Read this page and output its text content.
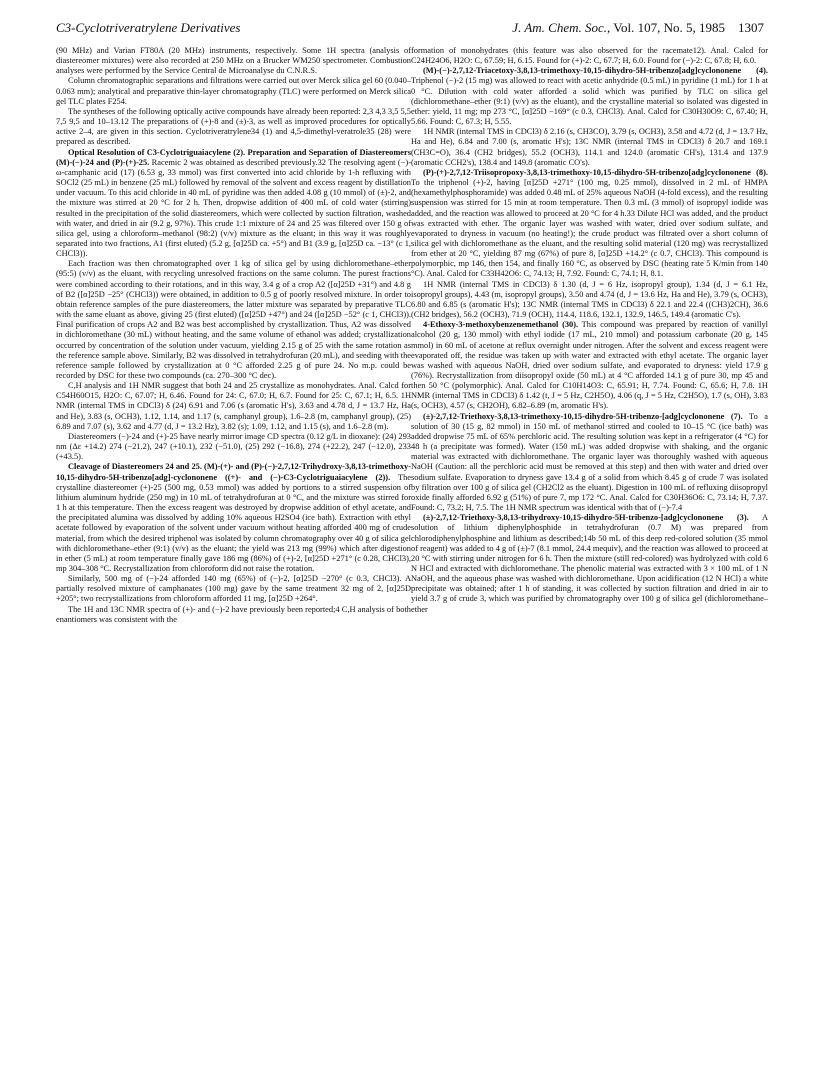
C3-Cyclotriveratrylene Derivatives	J. Am. Chem. Soc., Vol. 107, No. 5, 1985 1307

(90 MHz) and Varian FT80A (20 MHz) instruments, respectively. Some 1H spectra (analysis of diastereomer mixtures) were also recorded at 250 MHz on a Brucker WM250 spectrometer. Combustion analyses were performed by the Service Central de Microanalyse du C.N.R.S.

Column chromatographic separations and filtrations were carried out over Merck silica gel 60 (0.040–0.063 mm); analytical and preparative thin-layer chromatography (TLC) were performed on Merck silica gel TLC plates F254.

The syntheses of the following optically active compounds have already been reported: 2,3 4,3 3,5 5,5 7,5 9,5 and 10–13.12 The preparations of (+)-8 and (±)-3, as well as improved procedures for optically active 2–4, are given in this section. Cyclotriveratrylene34 (1) and 4,5-dimethyl-veratrole35 (28) were prepared as described.

Optical Resolution of C3-Cyclotriguaiacylene (2). Preparation and Separation of Diastereomers (M)-(−)-24 and (P)-(+)-25. Racemic 2 was obtained as described previously.32 The resolving agent (−)-ω-camphanic acid (17) (6.53 g, 33 mmol) was first converted into acid chloride by 1-h refluxing with SOCl2 (25 mL) in benzene (25 mL) followed by removal of the solvent and excess reagent by distillation under vacuum. To this acid chloride in 40 mL of pyridine was then added 4.08 g (10 mmol) of (±)-2, and the mixture was stirred at 20 °C for 2 h. Then, dropwise addition of 400 mL of cold water (stirring) resulted in the precipitation of the solid diastereomers, which were collected by suction filtration, washed with water, and dried in air (9.2 g, 97%). This crude 1:1 mixture of 24 and 25 was filtered over 150 g of silica gel, using a chloroform–methanol (98:2) (v/v) mixture as the eluant; in this way it was roughly separated into two fractions, A1 (first eluted) (5.2 g, [α]25D ca. +5°) and B1 (3.9 g, [α]25D ca. −13° (c 1, CHCl3)).

Each fraction was then chromatographed over 1 kg of silica gel by using dichloromethane–ether (95:5) (v/v) as the eluant, with recycling unresolved fractions on the same column. The purest fractions were combined according to their rotations, and in this way, 3.4 g of a crop A2 ([α]25D +31°) and 4.8 g of B2 ([α]25D −25° (CHCl3)) were obtained, in addition to 0.5 g of poorly resolved mixture. In order to obtain reference samples of the pure diastereomers, the latter mixture was separated by preparative TLC with the same eluant as above, giving 25 (first eluted) ([α]25D +47°) and 24 ([α]25D −52° (c 1, CHCl3)). Final purification of crops A2 and B2 was best accomplished by crystallization. Thus, A2 was dissolved in dichloromethane (30 mL) without heating, and the same volume of ethanol was added; crystallization occurred by concentration of the solution under vacuum, yielding 2.15 g of 25 with the same rotation as the reference sample above. Similarly, B2 was dissolved in tetrahydrofuran (20 mL), and seeding with the reference sample followed by crystallization at 0 °C afforded 2.25 g of pure 24. No m.p. could be recorded by DSC for these two compounds (ca. 270–300 °C dec).

C,H analysis and 1H NMR suggest that both 24 and 25 crystallize as monohydrates. Anal. Calcd for C54H60O15, H2O: C, 67.07; H, 6.46. Found for 24: C, 67.0; H, 6.7. Found for 25: C, 67.1; H, 6.5. 1H NMR (internal TMS in CDCl3) δ (24) 6.91 and 7.06 (s (aromatic H's), 3.63 and 4.78 d, J = 13.7 Hz, Ha and He), 3.83 (s, OCH3), 1.12, 1.14, and 1.17 (s, camphanyl group), 1.6–2.8 (m, camphanyl group), (25) 6.89 and 7.07 (s), 3.62 and 4.77 (d, J = 13.2 Hz), 3.82 (s); 1.09, 1.12, and 1.15 (s), and 1.6–2.8 (m).

Diastereomers (−)-24 and (+)-25 have nearly mirror image CD spectra (0.12 g/L in dioxane): (24) 293 nm (Δε +14.2) 274 (−21.2), 247 (+10.1), 232 (−51.0), (25) 292 (−16.8), 274 (+22.2), 247 (−12.0), 233 (+43.5).

Cleavage of Diastereomers 24 and 25. (M)-(+)- and (P)-(−)-2,7,12-Trihydroxy-3,8,13-trimethoxy-10,15-dihydro-5H-tribenzo[adg]-cyclononene ((+)- and (−)-C3-Cyclotriguaiacylene (2)). The crystalline diastereomer (+)-25 (500 mg, 0.53 mmol) was added by portions to a stirred suspension of lithium aluminum hydride (250 mg) in 10 mL of tetrahydrofuran at 0 °C, and the mixture was stirred for 1 h at this temperature. Then the excess reagent was destroyed by dropwise addition of ethyl acetate, and the precipitated alumina was dissolved by adding 10% aqueous H2SO4 (ice bath). Extraction with ethyl acetate followed by evaporation of the solvent under vacuum without heating afforded 400 mg of crude material, from which the desired triphenol was isolated by column chromatography over 40 g of silica gel with dichloromethane–ether (9:1) (v/v) as the eluant; the yield was 213 mg (99%) which after digestion in ether (5 mL) at room temperature finally gave 186 mg (86%) of (+)-2, [α]25D +271° (c 0.28, CHCl3), mp 304–308 °C. Recrystallization from chloroform did not raise the rotation.

Similarly, 500 mg of (−)-24 afforded 140 mg (65%) of (−)-2, [α]25D −270° (c 0.3, CHCl3). A partially resolved mixture of camphanates (100 mg) gave by the same treatment 32 mg of 2, [α]25D +205°; two recrystallizations from chloroform afforded 11 mg, [α]25D +264°.

The 1H and 13C NMR spectra of (+)- and (−)-2 have previously been reported;4 C,H analysis of both enantiomers was consistent with the

formation of monohydrates (this feature was also observed for the racemate12). Anal. Calcd for C24H24O6, H2O: C, 67.59; H, 6.15. Found for (+)-2: C, 67.7; H, 6.0. Found for (−)-2: C, 67.8; H, 6.0.

(M)-(−)-2,7,12-Triacetoxy-3,8,13-trimethoxy-10,15-dihydro-5H-tribenzo[adg]cyclononene (4). Triphenol (−)-2 (15 mg) was allowed to react with acetic anhydride (0.5 mL) in pyridine (1 mL) for 1 h at 0 °C. Dilution with cold water afforded a solid which was purified by TLC on silica gel (dichloromethane–ether (9:1) (v/v) as the eluant), and the crystalline material so isolated was digested in ether: yield, 11 mg; mp 273 °C, [α]25D −169° (c 0.3, CHCl3). Anal. Calcd for C30H30O9: C, 67.40; H, 5.66. Found: C, 67.3; H, 5.55.

1H NMR (internal TMS in CDCl3) δ 2.16 (s, CH3CO), 3.79 (s, OCH3), 3.58 and 4.72 (d, J = 13.7 Hz, Ha and He), 6.84 and 7.00 (s, aromatic H's); 13C NMR (internal TMS in CDCl3) δ 20.7 and 169.1 (CH3C=O), 36.4 (CH2 bridges), 55.2 (OCH3), 114.1 and 124.0 (aromatic CH's), 131.4 and 137.9 (aromatic CCH2's), 138.4 and 149.8 (aromatic CO's).

(P)-(+)-2,7,12-Triisopropoxy-3,8,13-trimethoxy-10,15-dihydro-5H-tribenzo[adg]cyclononene (8). To the triphenol (+)-2, having [α]25D +271° (100 mg, 0.25 mmol), dissolved in 2 mL of HMPA (hexamethylphosphoramide) was added 0.48 mL of 25% aqueous NaOH (4-fold excess), and the resulting suspension was stirred for 15 min at room temperature. Then 0.3 mL (3 mmol) of isopropyl iodide was added, and the reaction was allowed to proceed at 20 °C for 4 h.33 Dilute HCl was added, and the product was extracted with ether. The organic layer was washed with water, dried over sodium sulfate, and evaporated to dryness in vacuum (no heating!); the crude product was filtrated over a short column of silica gel with dichloromethane as the eluant, and the resulting solid material (120 mg) was recrystallized from ether at 20 °C, yielding 87 mg (67%) of pure 8, [α]25D +14.2° (c 0.7, CHCl3). This compound is polymorphic, mp 146, then 154, and finally 160 °C, as observed by DSC (heating rate 5 K/min from 140 °C). Anal. Calcd for C33H42O6: C, 74.13; H, 7.92. Found: C, 74.1; H, 8.1.

1H NMR (internal TMS in CDCl3) δ 1.30 (d, J = 6 Hz, isopropyl group), 1.34 (d, J = 6.1 Hz, isopropyl groups), 4.43 (m, isopropyl groups), 3.50 and 4.74 (d, J = 13.6 Hz, Ha and He), 3.79 (s, OCH3), 6.80 and 6.85 (s (aromatic H's); 13C NMR (internal TMS in CDCl3) δ 22.1 and 22.4 ((CH3)2CH), 36.6 (CH2 bridges), 56.2 (OCH3), 71.9 (OCH), 114.4, 118.6, 132.1, 132.9, 146.5, 149.4 (aromatic C's).

4-Ethoxy-3-methoxybenzenemethanol (30). This compound was prepared by reaction of vanillyl alcohol (20 g, 130 mmol) with ethyl iodide (17 mL, 210 mmol) and potassium carbonate (20 g, 145 mmol) in 60 mL of acetone at reflux overnight under nitrogen. After the solvent and excess reagent were evaporated off, the residue was taken up with water and extracted with ethyl acetate. The organic layer was washed with aqueous NaOH, dried over sodium sulfate, and evaporated to dryness: yield 17.9 g (76%). Recrystallization from diisopropyl oxide (50 mL) at 4 °C afforded 14.1 g of pure 30, mp 45 and then 50 °C (polymorphic). Anal. Calcd for C10H14O3: C, 65.91; H, 7.74. Found: C, 65.6; H, 7.8. 1H NMR (internal TMS in CDCl3) δ 1.42 (t, J = 5 Hz, C2H5O), 4.06 (q, J = 5 Hz, C2H5O), 1.7 (s, OH), 3.83 (s, OCH3), 4.57 (s, CH2OH), 6.82–6.89 (m, aromatic H's).

(±)-2,7,12-Triethoxy-3,8,13-trimethoxy-10,15-dihydro-5H-tribenzo-[adg]cyclononene (7). To a solution of 30 (15 g, 82 mmol) in 150 mL of methanol stirred and cooled to 10–15 °C (ice bath) was added dropwise 75 mL of 65% perchloric acid. The resulting solution was kept in a refrigerator (4 °C) for 48 h (a precipitate was formed). Water (150 mL) was added dropwise with shaking, and the organic material was extracted with dichloromethane. The organic layer was thoroughly washed with aqueous NaOH (Caution: all the perchloric acid must be removed at this step) and then with water and dried over sodium sulfate. Evaporation to dryness gave 13.4 g of a solid from which 8.45 g of crude 7 was isolated by filtration over 100 g of silica gel (CH2Cl2 as the eluant). Digestion in 100 mL of refluxing diisopropyl oxide finally afforded 6.92 g (51%) of pure 7, mp 172 °C. Anal. Calcd for C30H36O6: C, 73.14; H, 7.37. Found: C, 73.2; H, 7.5. The 1H NMR spectrum was identical with that of (−)-7.4

(±)-2,7,12-Triethoxy-3,8,13-trihydroxy-10,15-dihydro-5H-tribenzo-[adg]cyclononene (3). A solution of lithium diphenylphosphide in tetrahydrofuran (0.7 M) was prepared from chlorodiphenylphosphine and lithium as described;14b 50 mL of this deep red-colored solution (35 mmol of reagent) was added to 4 g of (±)-7 (8.1 mmol, 24.4 mequiv), and the reaction was allowed to proceed at 20 °C with stirring under nitrogen for 6 h. Then the mixture (still red-colored) was hydrolyzed with cold 6 N HCl and extracted with dichloromethane. The phenolic material was extracted with 3 × 100 mL of 1 N NaOH, and the aqueous phase was washed with dichloromethane. Upon acidification (12 N HCl) a white precipitate was obtained; after 1 h of standing, it was collected by suction filtration and dried in air to yield 3.7 g of crude 3, which was purified by chromatography over 100 g of silica gel (dichloromethane–ether
